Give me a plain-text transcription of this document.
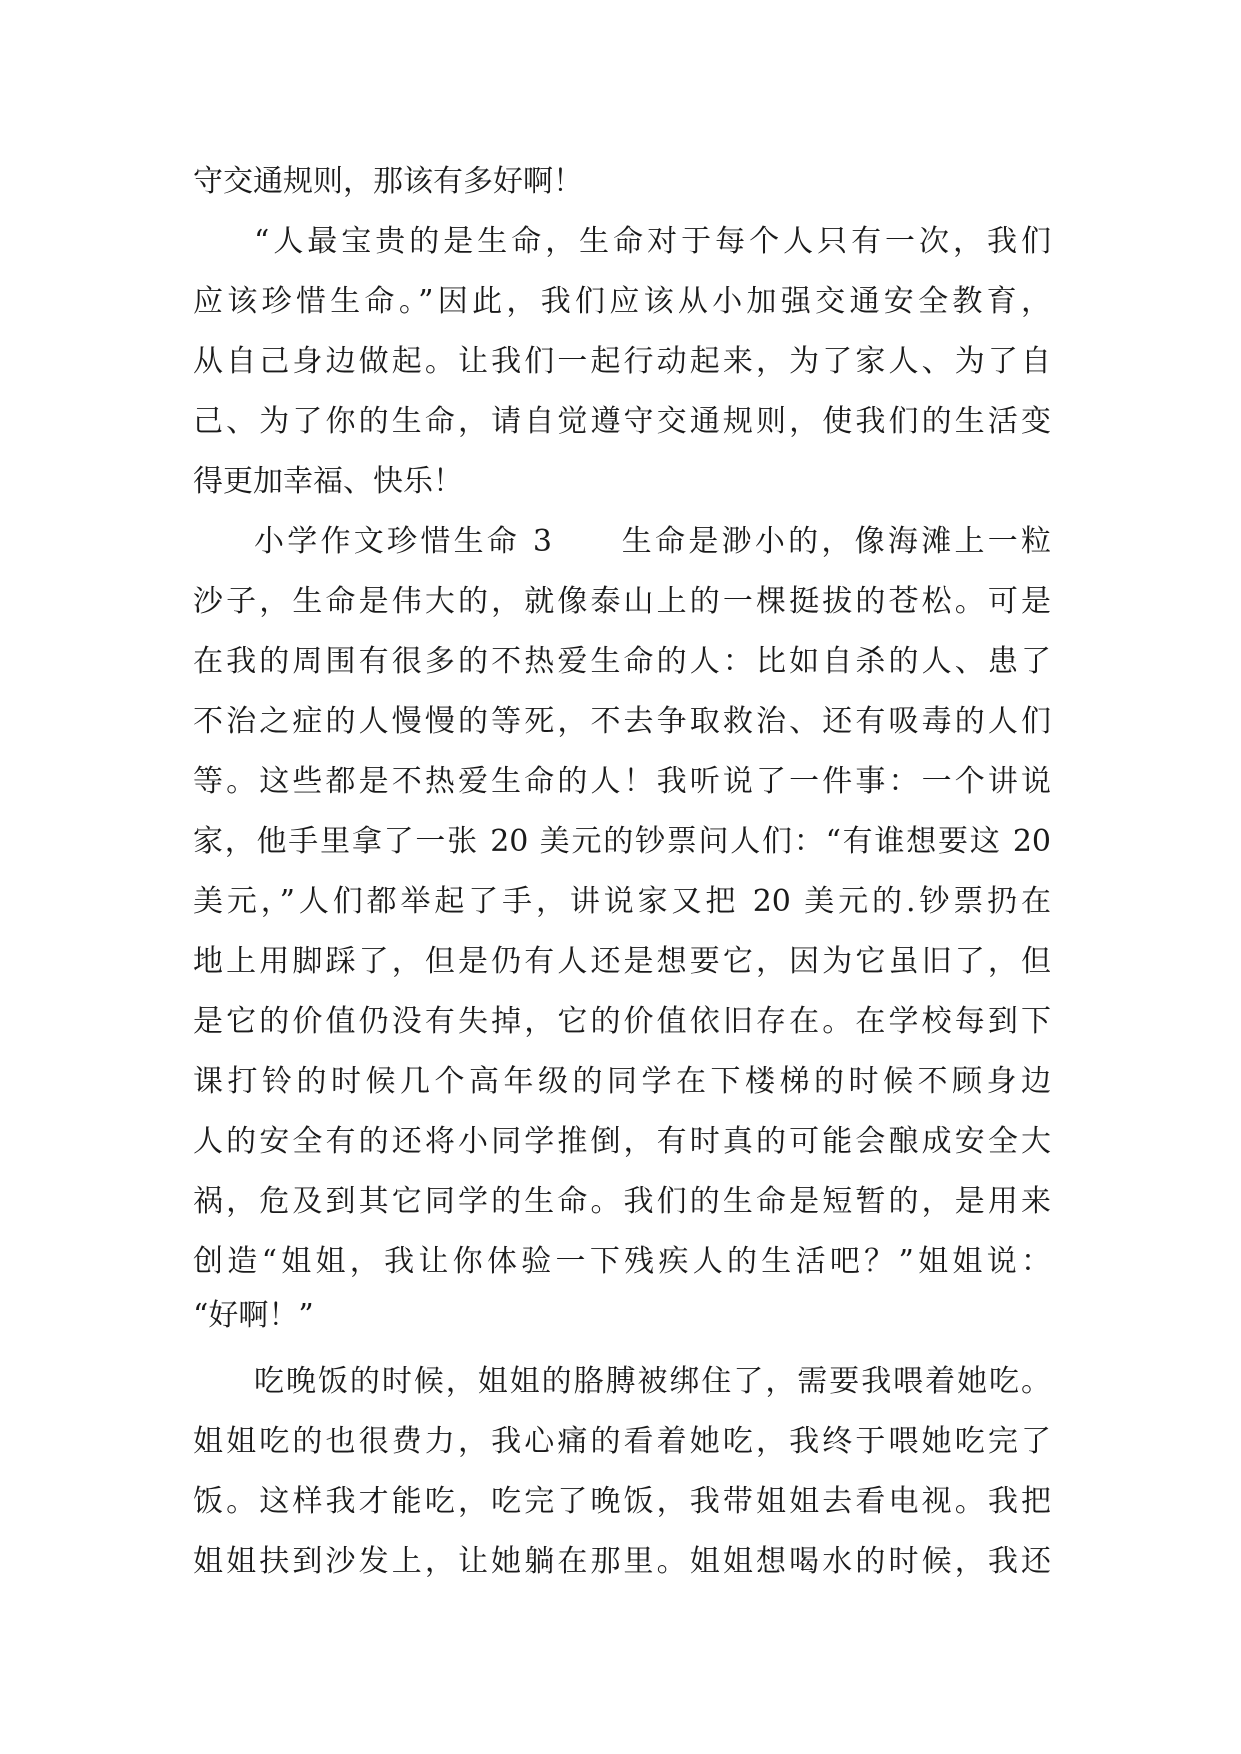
守交通规则，那该有多好啊！
“人最宝贵的是生命，生命对于每个人只有一次，我们
应该珍惜生命。”因此，我们应该从小加强交通安全教育，
从自己身边做起。让我们一起行动起来，为了家人、为了自
己、为了你的生命，请自觉遵守交通规则，使我们的生活变
得更加幸福、快乐！
小学作文珍惜生命 3　　生命是渺小的，像海滩上一粒
沙子，生命是伟大的，就像泰山上的一棵挺拔的苍松。可是
在我的周围有很多的不热爱生命的人：比如自杀的人、患了
不治之症的人慢慢的等死，不去争取救治、还有吸毒的人们
等。这些都是不热爱生命的人！我听说了一件事：一个讲说
家，他手里拿了一张 20 美元的钞票问人们：“有谁想要这 20
美元，”人们都举起了手，讲说家又把 20 美元的.钞票扔在
地上用脚踩了，但是仍有人还是想要它，因为它虽旧了，但
是它的价值仍没有失掉，它的价值依旧存在。在学校每到下
课打铃的时候几个高年级的同学在下楼梯的时候不顾身边
人的安全有的还将小同学推倒，有时真的可能会酿成安全大
祸，危及到其它同学的生命。我们的生命是短暂的，是用来
创造“姐姐，我让你体验一下残疾人的生活吧？”姐姐说：
“好啊！”
吃晚饭的时候，姐姐的胳膊被绑住了，需要我喂着她吃。
姐姐吃的也很费力，我心痛的看着她吃，我终于喂她吃完了
饭。这样我才能吃，吃完了晚饭，我带姐姐去看电视。我把
姐姐扶到沙发上，让她躺在那里。姐姐想喝水的时候，我还
